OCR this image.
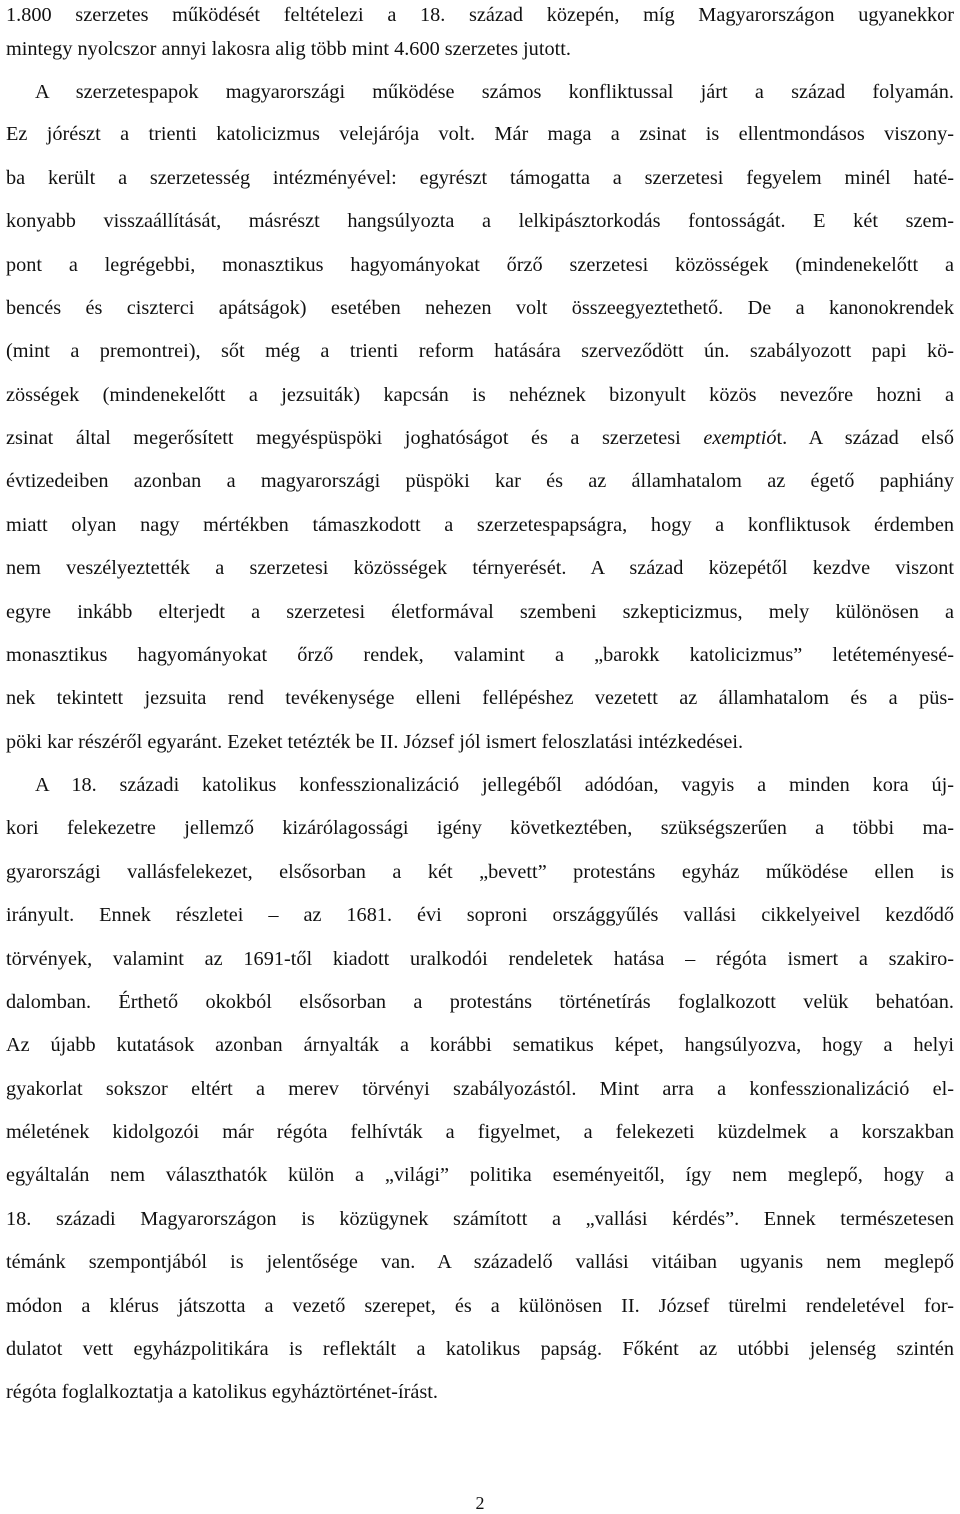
1.800 szerzetes működését feltételezi a 18. század közepén, míg Magyarországon ugyanekkor
mintegy nyolcszor annyi lakosra alig több mint 4.600 szerzetes jutott.
A szerzetespapok magyarországi működése számos konfliktussal járt a század folyamán.
Ez jórészt a trienti katolicizmus velejárója volt. Már maga a zsinat is ellentmondásos viszony-
ba került a szerzetesség intézményével: egyrészt támogatta a szerzetesi fegyelem minél haté-
konyabb visszaállítását, másrészt hangsúlyozta a lelkipásztorkodás fontosságát. E két szem-
pont a legrégebbi, monasztikus hagyományokat őrző szerzetesi közösségek (mindenekelőtt a
bencés és ciszterci apátságok) esetében nehezen volt összeegyeztethető. De a kanonokrendek
(mint a premontrei), sőt még a trienti reform hatására szerveződött ún. szabályozott papi kö-
zösségek (mindenekelőtt a jezsuiták) kapcsán is nehéznek bizonyult közös nevezőre hozni a
zsinat által megerősített megyéspüspöki joghatóságot és a szerzetesi exemptiót. A század első
évtizedeiben azonban a magyarországi püspöki kar és az államhatalom az égető paphiány
miatt olyan nagy mértékben támaszkodott a szerzetespapságra, hogy a konfliktusok érdemben
nem veszélyeztették a szerzetesi közösségek térnyerését. A század közepétől kezdve viszont
egyre inkább elterjedt a szerzetesi életformával szembeni szkepticizmus, mely különösen a
monasztikus hagyományokat őrző rendek, valamint a „barokk katolicizmus” letéteményesé-
nek tekintett jezsuita rend tevékenysége elleni fellépéshez vezetett az államhatalom és a püs-
pöki kar részéről egyaránt. Ezeket tetézték be II. József jól ismert feloszlatási intézkedései.
A 18. századi katolikus konfesszionalizáció jellegéből adódóan, vagyis a minden kora új-
kori felekezetre jellemző kizárólagossági igény következtében, szükségszerűen a többi ma-
gyarországi vallásfelekezet, elsősorban a két „bevett” protestáns egyház működése ellen is
irányult. Ennek részletei – az 1681. évi soproni országgyűlés vallási cikkelyeivel kezdődő
törvények, valamint az 1691-től kiadott uralkodói rendeletek hatása – régóta ismert a szakiro-
dalomban. Érthető okokból elsősorban a protestáns történetírás foglalkozott velük behatóan.
Az újabb kutatások azonban árnyalták a korábbi sematikus képet, hangsúlyozva, hogy a helyi
gyakorlat sokszor eltért a merev törvényi szabályozástól. Mint arra a konfesszionalizáció el-
méletének kidolgozói már régóta felhívták a figyelmet, a felekezeti küzdelmek a korszakban
egyáltalán nem választhatók külön a „világi” politika eseményeitől, így nem meglepő, hogy a
18. századi Magyarországon is közügynek számított a „vallási kérdés”. Ennek természetesen
témánk szempontjából is jelentősége van. A századelő vallási vitáiban ugyanis nem meglepő
módon a klérus játszotta a vezető szerepet, és a különösen II. József türelmi rendeletével for-
dulatot vett egyházpolitikára is reflektált a katolikus papság. Főként az utóbbi jelenség szintén
régóta foglalkoztatja a katolikus egyháztörténet-írást.
2
